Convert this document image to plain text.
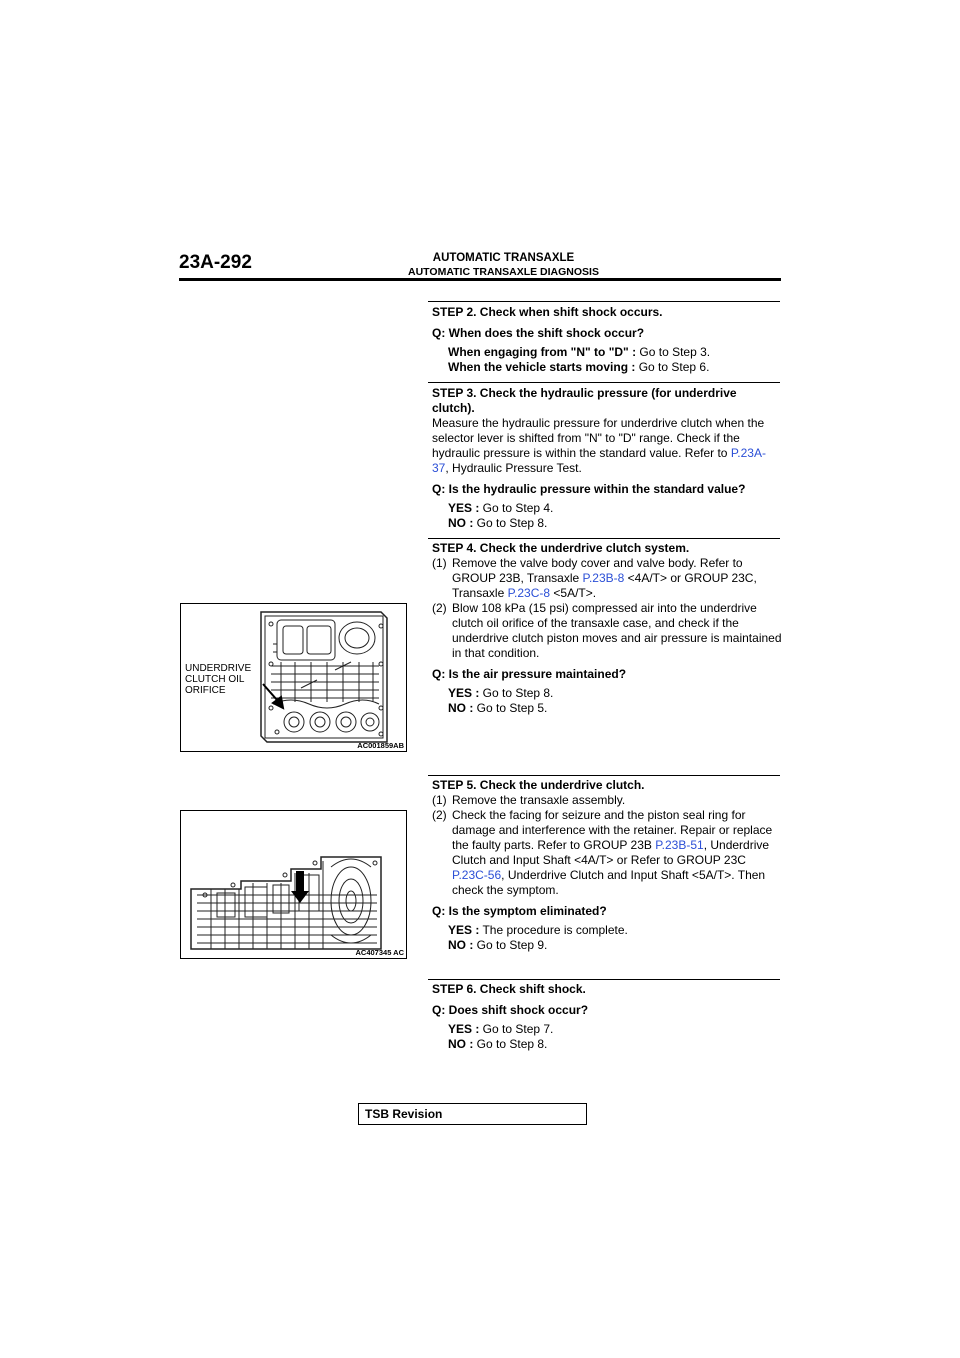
23A-292	AUTOMATIC TRANSAXLE
AUTOMATIC TRANSAXLE DIAGNOSIS
STEP 2. Check when shift shock occurs.
Q: When does the shift shock occur?
When engaging from "N" to "D" : Go to Step 3.
When the vehicle starts moving : Go to Step 6.
STEP 3. Check the hydraulic pressure (for underdrive clutch).
Measure the hydraulic pressure for underdrive clutch when the selector lever is shifted from "N" to "D" range. Check if the hydraulic pressure is within the standard value. Refer to P.23A-37, Hydraulic Pressure Test.
Q: Is the hydraulic pressure within the standard value?
YES : Go to Step 4.
NO : Go to Step 8.
STEP 4. Check the underdrive clutch system.
(1) Remove the valve body cover and valve body. Refer to GROUP 23B, Transaxle P.23B-8 <4A/T> or GROUP 23C, Transaxle P.23C-8 <5A/T>.
(2) Blow 108 kPa (15 psi) compressed air into the underdrive clutch oil orifice of the transaxle case, and check if the underdrive clutch piston moves and air pressure is maintained in that condition.
Q: Is the air pressure maintained?
YES : Go to Step 8.
NO : Go to Step 5.
UNDERDRIVE
CLUTCH OIL
ORIFICE
AC001859AB
STEP 5. Check the underdrive clutch.
(1) Remove the transaxle assembly.
(2) Check the facing for seizure and the piston seal ring for damage and interference with the retainer. Repair or replace the faulty parts. Refer to GROUP 23B P.23B-51, Underdrive Clutch and Input Shaft <4A/T> or Refer to GROUP 23C P.23C-56, Underdrive Clutch and Input Shaft <5A/T>. Then check the symptom.
Q: Is the symptom eliminated?
YES : The procedure is complete.
NO : Go to Step 9.
AC407345 AC
STEP 6. Check shift shock.
Q: Does shift shock occur?
YES : Go to Step 7.
NO : Go to Step 8.
TSB Revision
